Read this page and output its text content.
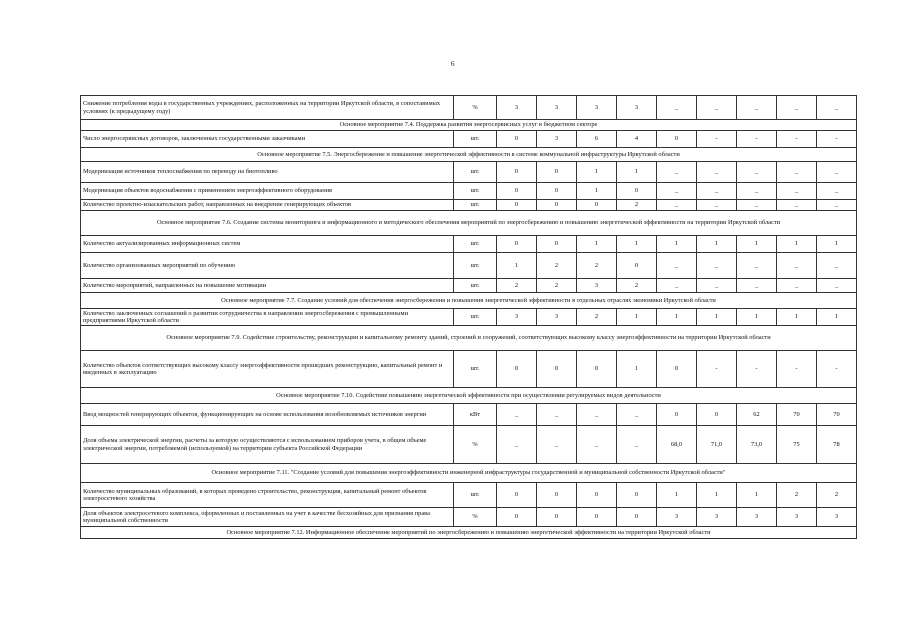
6
Снижение потребления воды в государственных учреждениях, расположенных на территории Иркутской области, в сопоставимых условиях (к предыдущему году)	%	3	3	3	3	_	_	_	_	_
Основное мероприятие 7.4. Поддержка развития энергосервисных услуг в бюджетном секторе										
Число энергосервисных договоров, заключенных государственными заказчиками	шт.	0	3	6	4	0	-	-	-	-
Основное мероприятие 7.5. Энергосбережение и повышение энергетической эффективности в системе коммунальной инфраструктуры Иркутской области										
Модернизация источников теплоснабжения по переводу на биотопливо	шт.	0	0	1	1	_	_	_	_	_
Модернизация объектов водоснабжения с применением энергоэффективного оборудования	шт.	0	0	1	0	_	_	_	_	_
Количество проектно-изыскательских работ, направленных на внедрение генерирующих объектов	шт.	0	0	0	2	_	_	_	_	_
Основное мероприятие 7.6. Создание системы мониторинга и информационного и методического обеспечения мероприятий по энергосбережению и повышению энергетической эффективности на территории Иркутской области										
Количество актуализированных информационных систем	шт.	0	0	1	1	1	1	1	1	1
Количество организованных мероприятий по обучению	шт.	1	2	2	0	_	_	_	_	_
Количество мероприятий, направленных на повышение мотивации	шт.	2	2	3	2	_	_	_	_	_
Основное мероприятие 7.7. Создание условий для обеспечения энергосбережения и повышения энергетической эффективности в отдельных отраслях экономики Иркутской области										
Количество заключенных соглашений о развитии сотрудничества в направлении энергосбережения с промышленными предприятиями Иркутской области	шт.	3	3	2	1	1	1	1	1	1
Основное мероприятие 7.9. Содействие строительству, реконструкции и капитальному ремонту зданий, строений и сооружений, соответствующих высокому классу энергоэффективности на территории Иркутской области										
Количество объектов соответствующих высокому классу энергоэффективности прошедших реконструкцию, капитальный ремонт и введенных в эксплуатацию	шт.	0	0	0	1	0	-	-	-	-
Основное мероприятие 7.10. Содействие повышению энергетической эффективности при осуществлении регулируемых видов деятельности										
Ввод мощностей генерирующих объектов, функционирующих на основе использования возобновляемых источников энергии	кВт	_	_	_	_	0	0	62	70	70
Доля объема электрической энергии, расчеты за которую осуществляются с использованием приборов учета, в общем объеме электрической энергии, потребляемой (используемой) на территории субъекта Российской Федерации	%	_	_	_	_	68,0	71,0	73,0	75	78
Основное мероприятие 7.11. "Создание условий для повышения энергоэффективности инженерной инфраструктуры государственной и муниципальной собственности Иркутской области"										
Количество муниципальных образований, в которых проведено строительство, реконструкция, капитальный ремонт объектов электросетевого хозяйства	шт.	0	0	0	0	1	1	1	2	2
Доля объектов электросетевого комплекса, оформленных и поставленных на учет в качестве бесхозяйных для признания права муниципальной собственности	%	0	0	0	0	3	3	3	3	3
Основное мероприятие 7.12. Информационное обеспечение мероприятий по энергосбережению и повышению энергетической эффективности на территории Иркутской области										
